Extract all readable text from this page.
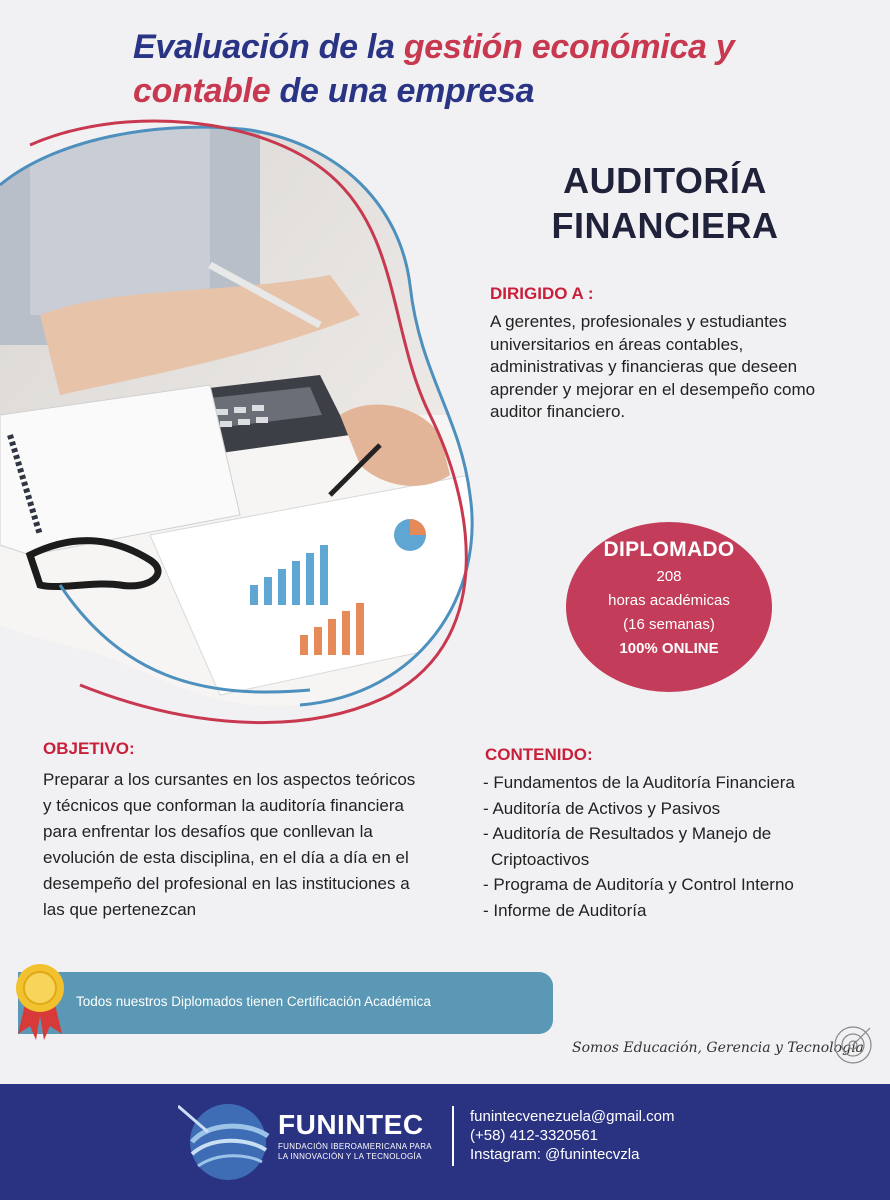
Evaluación de la gestión económica y
contable de una empresa
AUDITORÍA
FINANCIERA
DIRIGIDO A :
A gerentes, profesionales y estudiantes universitarios en áreas contables, administrativas y financieras que deseen aprender y mejorar en el desempeño como auditor financiero.
DIPLOMADO
208
horas académicas
(16 semanas)
100% ONLINE
OBJETIVO:
Preparar a los cursantes en los aspectos teóricos y técnicos que conforman la auditoría financiera para enfrentar los desafíos que conllevan la evolución de esta disciplina, en el día a día en el desempeño del profesional en las instituciones a las que pertenezcan
CONTENIDO:
- Fundamentos de la Auditoría Financiera
- Auditoría de Activos y Pasivos
- Auditoría de Resultados y Manejo de
Criptoactivos
- Programa de Auditoría y Control Interno
- Informe de Auditoría
Todos nuestros Diplomados tienen Certificación Académica
Somos Educación, Gerencia y Tecnología
FUNINTEC
FUNDACIÓN IBEROAMERICANA PARA LA INNOVACIÓN Y LA TECNOLOGÍA
funintecvenezuela@gmail.com
(+58) 412-3320561
Instagram: @funintecvzla
